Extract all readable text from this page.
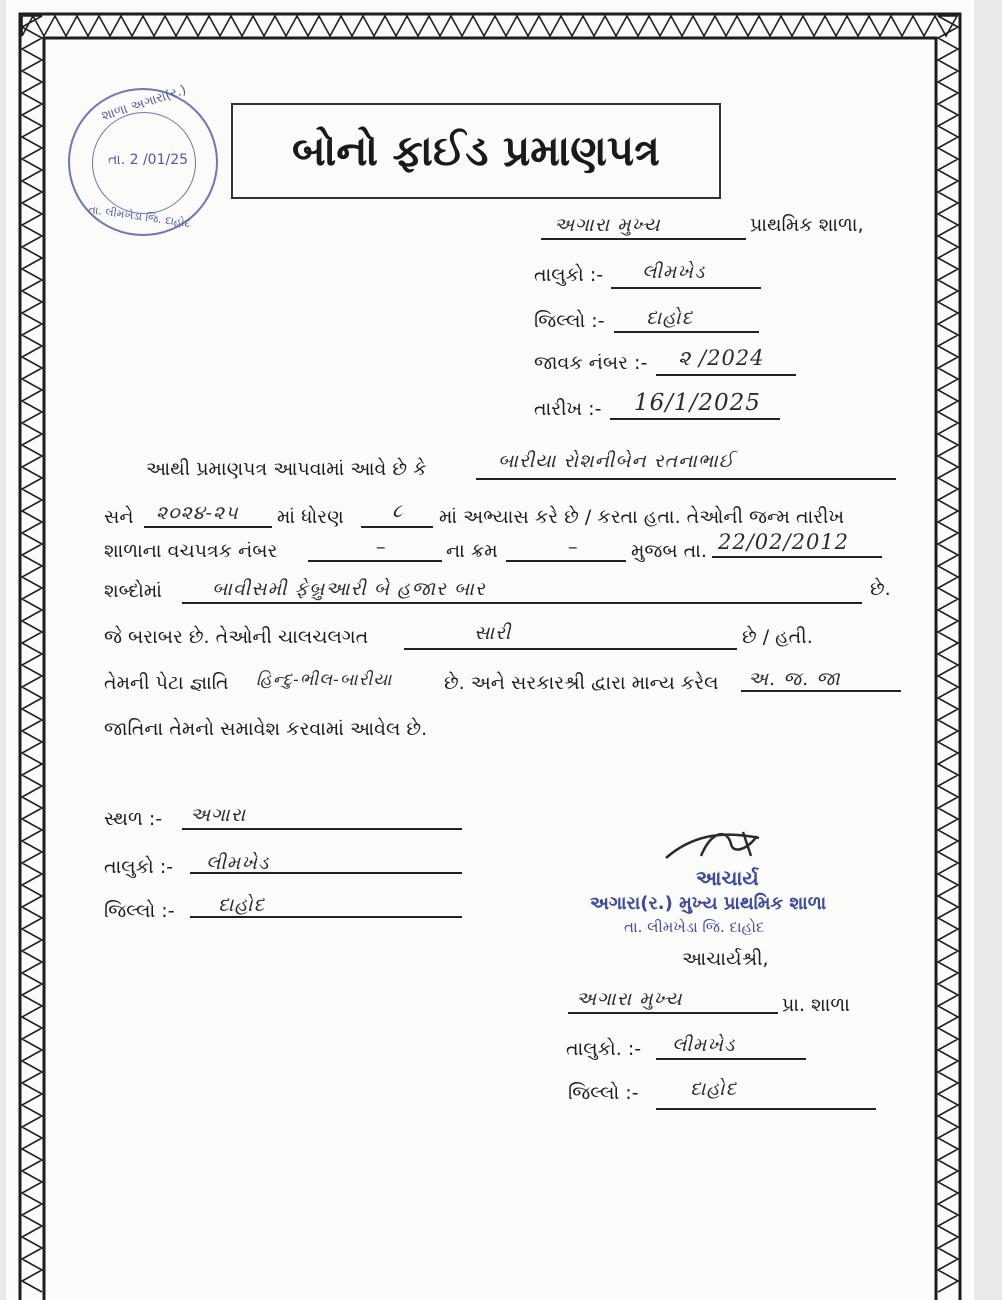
શાળા અગારા(ર.)
તા. લીમખેડા જિ. દાહોદ
તા. 2 /01/25	બોનો ફાઈડ પ્રમાણપત્ર
અગારા મુખ્ય	પ્રાથમિક શાળા,
તાલુકો :- લીમખેડ
જિલ્લો :- દાહોદ
જાવક નંબર :- ૨ /2024
તારીખ :- 16/1/2025
આથી પ્રમાણપત્ર આપવામાં આવે છે કે	બારીયા રોશનીબેન રતનાભાઈ
સને ૨૦૨૪-૨૫ માં ધોરણ	૮ માં અભ્યાસ કરે છે / કરતા હતા. તેઓની જન્મ તારીખ
શાળાના વચપત્રક નંબર	–	ના ક્રમ	–	મુજબ તા. 22/02/2012
શબ્દોમાં	બાવીસમી ફેબ્રુઆરી બે હજાર બાર	છે.
જે બરાબર છે. તેઓની ચાલચલગત	સારી	છે / હતી.
તેમની પેટા જ્ઞાતિ હિન્દુ-ભીલ-બારીયા	છે. અને સરકારશ્રી દ્વારા માન્ય કરેલ અ. જ. જા
જાતિના તેમનો સમાવેશ કરવામાં આવેલ છે.
સ્થળ :- અગારા
તાલુકો :- લીમખેડ
જિલ્લો :- દાહોદ
આચાર્ય
અગારા(ર.) મુખ્ય પ્રાથમિક શાળા
તા. લીમખેડા જિ. દાહોદ
આચાર્યશ્રી,
અગારા મુખ્ય	પ્રા. શાળા
તાલુકો. :- લીમખેડ
જિલ્લો :-	દાહોદ
